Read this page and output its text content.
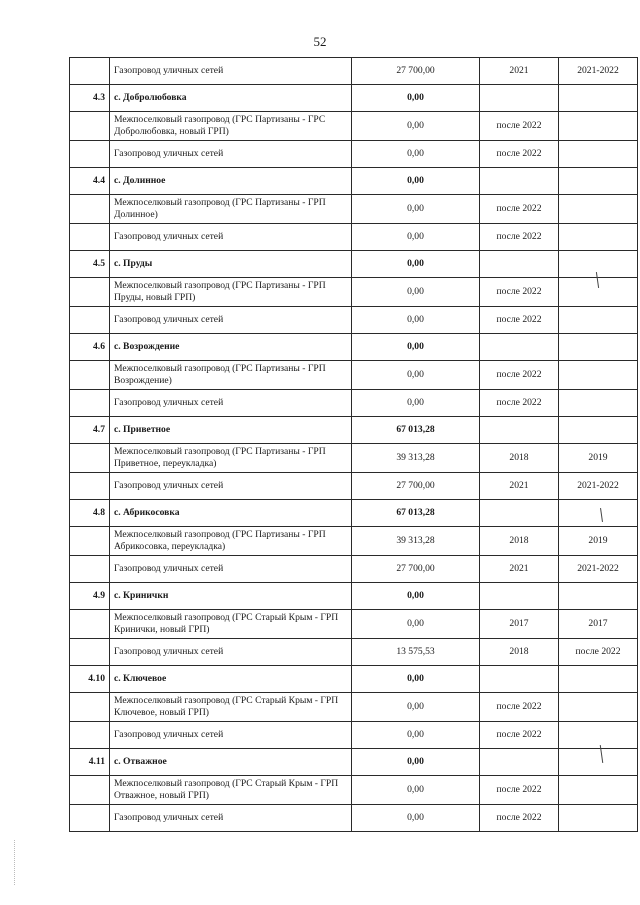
52
	Газопровод уличных сетей	27 700,00	2021	2021-2022
4.3	с. Добролюбовка	0,00		
	Межпоселковый газопровод (ГРС Партизаны - ГРС Добролюбовка, новый ГРП)	0,00	после 2022	
	Газопровод уличных сетей	0,00	после 2022	
4.4	с. Долинное	0,00		
	Межпоселковый газопровод (ГРС Партизаны - ГРП Долинное)	0,00	после 2022	
	Газопровод уличных сетей	0,00	после 2022	
4.5	с. Пруды	0,00		
	Межпоселковый газопровод (ГРС Партизаны - ГРП Пруды, новый ГРП)	0,00	после 2022	
	Газопровод уличных сетей	0,00	после 2022	
4.6	с. Возрождение	0,00		
	Межпоселковый газопровод (ГРС Партизаны - ГРП Возрождение)	0,00	после 2022	
	Газопровод уличных сетей	0,00	после 2022	
4.7	с. Приветное	67 013,28		
	Межпоселковый газопровод (ГРС Партизаны - ГРП Приветное, переукладка)	39 313,28	2018	2019
	Газопровод уличных сетей	27 700,00	2021	2021-2022
4.8	с. Абрикосовка	67 013,28		
	Межпоселковый газопровод (ГРС Партизаны - ГРП Абрикосовка, переукладка)	39 313,28	2018	2019
	Газопровод уличных сетей	27 700,00	2021	2021-2022
4.9	с. Криничкн	0,00		
	Межпоселковый газопровод (ГРС Старый Крым - ГРП Кринички, новый ГРП)	0,00	2017	2017
	Газопровод уличных сетей	13 575,53	2018	после 2022
4.10	с. Ключевое	0,00		
	Межпоселковый газопровод (ГРС Старый Крым - ГРП Ключевое, новый ГРП)	0,00	после 2022	
	Газопровод уличных сетей	0,00	после 2022	
4.11	с. Отважное	0,00		
	Межпоселковый газопровод (ГРС Старый Крым - ГРП Отважное, новый ГРП)	0,00	после 2022	
	Газопровод уличных сетей	0,00	после 2022	
